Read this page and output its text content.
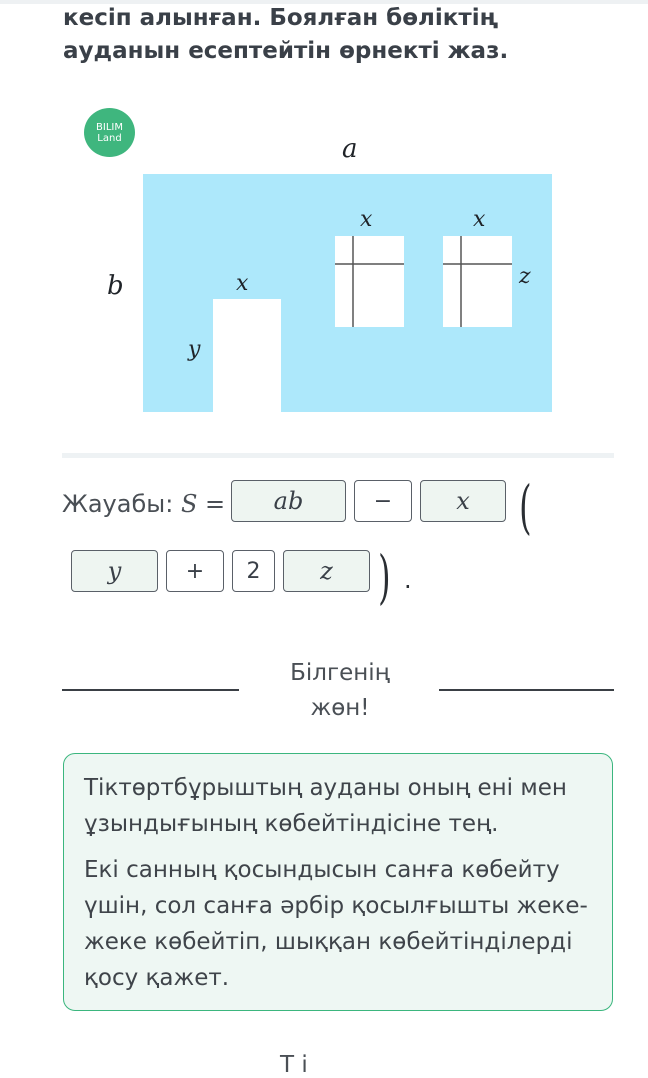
кесіп алынған. Боялған бөліктің
ауданын есептейтін өрнекті жаз.
BILIM
Land	a
b	x
y
x	x
z
Жауабы: S =	ab	−	x (
y	+	2	z ) .
Білгенің
жөн!

Тіктөртбұрыштың ауданы оның ені мен ұзындығының көбейтіндісіне тең.

Екі санның қосындысын санға көбейту үшін, сол санға әрбір қосылғышты жеке-жеке көбейтіп, шыққан көбейтінділерді қосу қажет.

Т і
